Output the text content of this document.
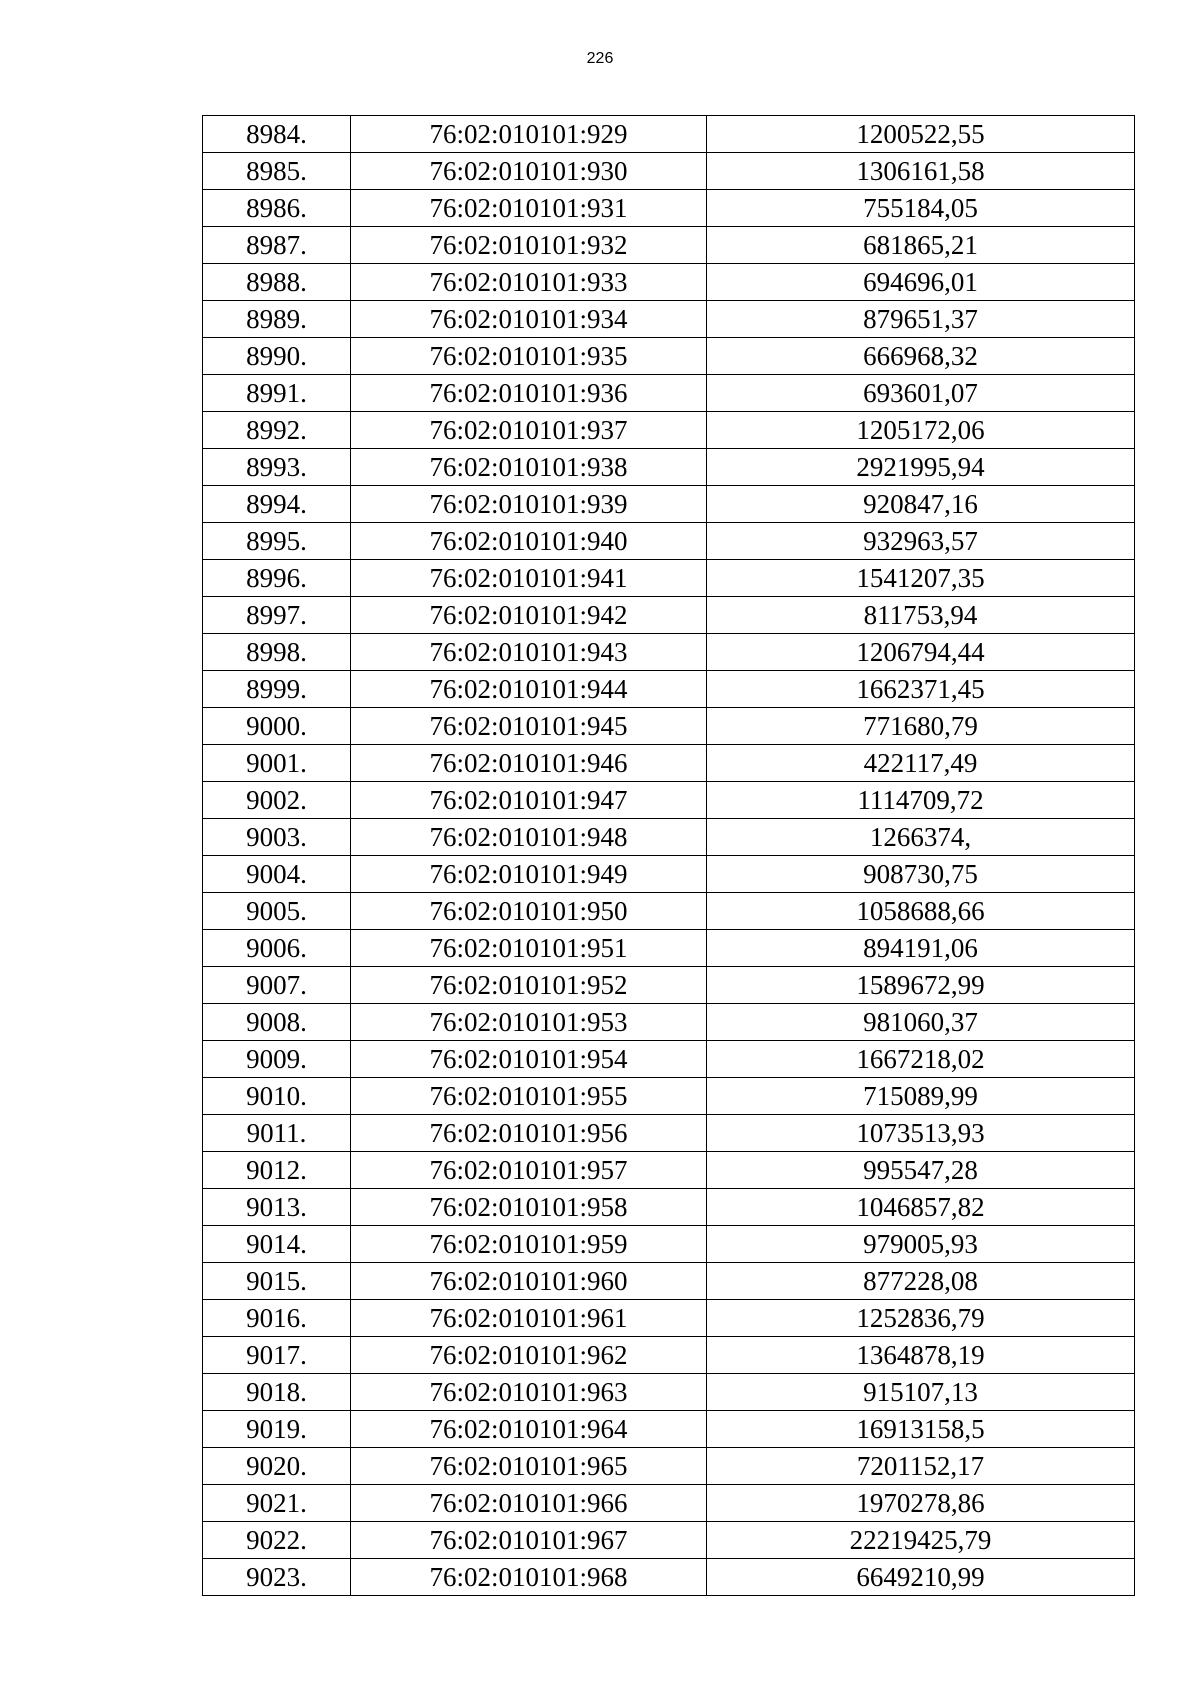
226
8984.	76:02:010101:929	1200522,55
8985.	76:02:010101:930	1306161,58
8986.	76:02:010101:931	755184,05
8987.	76:02:010101:932	681865,21
8988.	76:02:010101:933	694696,01
8989.	76:02:010101:934	879651,37
8990.	76:02:010101:935	666968,32
8991.	76:02:010101:936	693601,07
8992.	76:02:010101:937	1205172,06
8993.	76:02:010101:938	2921995,94
8994.	76:02:010101:939	920847,16
8995.	76:02:010101:940	932963,57
8996.	76:02:010101:941	1541207,35
8997.	76:02:010101:942	811753,94
8998.	76:02:010101:943	1206794,44
8999.	76:02:010101:944	1662371,45
9000.	76:02:010101:945	771680,79
9001.	76:02:010101:946	422117,49
9002.	76:02:010101:947	1114709,72
9003.	76:02:010101:948	1266374,
9004.	76:02:010101:949	908730,75
9005.	76:02:010101:950	1058688,66
9006.	76:02:010101:951	894191,06
9007.	76:02:010101:952	1589672,99
9008.	76:02:010101:953	981060,37
9009.	76:02:010101:954	1667218,02
9010.	76:02:010101:955	715089,99
9011.	76:02:010101:956	1073513,93
9012.	76:02:010101:957	995547,28
9013.	76:02:010101:958	1046857,82
9014.	76:02:010101:959	979005,93
9015.	76:02:010101:960	877228,08
9016.	76:02:010101:961	1252836,79
9017.	76:02:010101:962	1364878,19
9018.	76:02:010101:963	915107,13
9019.	76:02:010101:964	16913158,5
9020.	76:02:010101:965	7201152,17
9021.	76:02:010101:966	1970278,86
9022.	76:02:010101:967	22219425,79
9023.	76:02:010101:968	6649210,99
